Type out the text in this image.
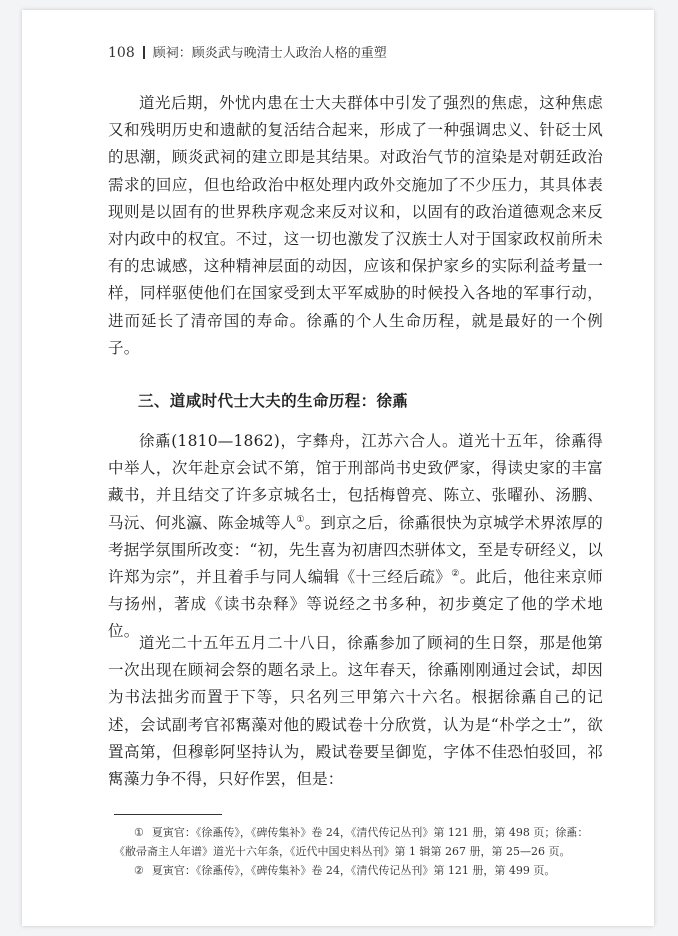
108 顾祠：顾炎武与晚清士人政治人格的重塑

道光后期，外忧内患在士大夫群体中引发了强烈的焦虑，这种焦虑又和残明历史和遗献的复活结合起来，形成了一种强调忠义、针砭士风的思潮，顾炎武祠的建立即是其结果。对政治气节的渲染是对朝廷政治需求的回应，但也给政治中枢处理内政外交施加了不少压力，其具体表现则是以固有的世界秩序观念来反对议和，以固有的政治道德观念来反对内政中的权宜。不过，这一切也激发了汉族士人对于国家政权前所未有的忠诚感，这种精神层面的动因，应该和保护家乡的实际利益考量一样，同样驱使他们在国家受到太平军威胁的时候投入各地的军事行动，进而延长了清帝国的寿命。徐鼒的个人生命历程，就是最好的一个例子。

三、道咸时代士大夫的生命历程：徐鼒

徐鼒(1810—1862)，字彝舟，江苏六合人。道光十五年，徐鼒得中举人，次年赴京会试不第，馆于刑部尚书史致俨家，得读史家的丰富藏书，并且结交了许多京城名士，包括梅曾亮、陈立、张曜孙、汤鹏、马沅、何兆瀛、陈金城等人①。到京之后，徐鼒很快为京城学术界浓厚的考据学氛围所改变：“初，先生喜为初唐四杰骈体文，至是专研经义，以许郑为宗”，并且着手与同人编辑《十三经后疏》②。此后，他往来京师与扬州，著成《读书杂释》等说经之书多种，初步奠定了他的学术地位。

道光二十五年五月二十八日，徐鼒参加了顾祠的生日祭，那是他第一次出现在顾祠会祭的题名录上。这年春天，徐鼒刚刚通过会试，却因为书法拙劣而置于下等，只名列三甲第六十六名。根据徐鼒自己的记述，会试副考官祁寯藻对他的殿试卷十分欣赏，认为是“朴学之士”，欲置高第，但穆彰阿坚持认为，殿试卷要呈御览，字体不佳恐怕驳回，祁寯藻力争不得，只好作罢，但是：

① 夏寅官：《徐鼒传》，《碑传集补》卷 24，《清代传记丛刊》第 121 册，第 498 页；徐鼒：《敝帚斋主人年谱》道光十六年条，《近代中国史料丛刊》第 1 辑第 267 册，第 25—26 页。

② 夏寅官：《徐鼒传》，《碑传集补》卷 24，《清代传记丛刊》第 121 册，第 499 页。
